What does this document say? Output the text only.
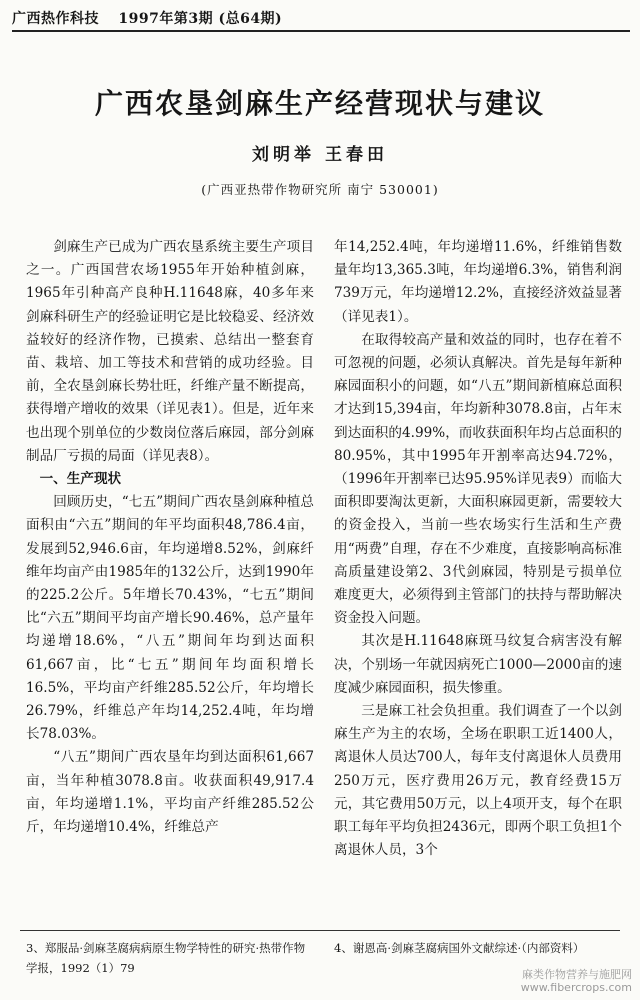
广西热作科技 1997年第3期 (总64期)
广西农垦剑麻生产经营现状与建议
刘明举 王春田
(广西亚热带作物研究所 南宁 530001)

剑麻生产已成为广西农垦系统主要生产项目之一。广西国营农场1955年开始种植剑麻，1965年引种高产良种H.11648麻，40多年来剑麻科研生产的经验证明它是比较稳妥、经济效益较好的经济作物，已摸索、总结出一整套育苗、栽培、加工等技术和营销的成功经验。目前，全农垦剑麻长势壮旺，纤维产量不断提高，获得增产增收的效果（详见表1）。但是，近年来也出现个别单位的少数岗位落后麻园，部分剑麻制品厂亏损的局面（详见表8）。

一、生产现状

回顾历史，“七五”期间广西农垦剑麻种植总面积由“六五”期间的年平均面积48,786.4亩，发展到52,946.6亩，年均递增8.52%，剑麻纤维年均亩产由1985年的132公斤，达到1990年的225.2公斤。5年增长70.43%，“七五”期间比“六五”期间平均亩产增长90.46%，总产量年均递增18.6%，“八五”期间年均到达面积61,667亩，比“七五”期间年均面积增长16.5%，平均亩产纤维285.52公斤，年均增长26.79%，纤维总产年均14,252.4吨，年均增长78.03%。

“八五”期间广西农垦年均到达面积61,667亩，当年种植3078.8亩。收获面积49,917.4亩，年均递增1.1%，平均亩产纤维285.52公斤，年均递增10.4%，纤维总产

年14,252.4吨，年均递增11.6%，纤维销售数量年均13,365.3吨，年均递增6.3%，销售利润739万元，年均递增12.2%，直接经济效益显著（详见表1）。

在取得较高产量和效益的同时，也存在着不可忽视的问题，必须认真解决。首先是每年新种麻园面积小的问题，如“八五”期间新植麻总面积才达到15,394亩，年均新种3078.8亩，占年末到达面积的4.99%，而收获面积年均占总面积的80.95%，其中1995年开割率高达94.72%，（1996年开割率已达95.95%详见表9）而临大面积即要淘汰更新，大面积麻园更新，需要较大的资金投入，当前一些农场实行生活和生产费用“两费”自理，存在不少难度，直接影响高标准高质量建设第2、3代剑麻园，特别是亏损单位难度更大，必须得到主管部门的扶持与帮助解决资金投入问题。

其次是H.11648麻斑马纹复合病害没有解决，个别场一年就因病死亡1000—2000亩的速度减少麻园面积，损失惨重。

三是麻工社会负担重。我们调查了一个以剑麻生产为主的农场，全场在职职工近1400人，离退休人员达700人，每年支付离退休人员费用250万元，医疗费用26万元，教育经费15万元，其它费用50万元，以上4项开支，每个在职职工每年平均负担2436元，即两个职工负担1个离退休人员，3个

3、郑服品·剑麻茎腐病病原生物学特性的研究·热带作物学报，1992（1）79
4、谢恩高·剑麻茎腐病国外文献综述·（内部资料）
麻类作物营养与施肥网
www.fibercrops.com
